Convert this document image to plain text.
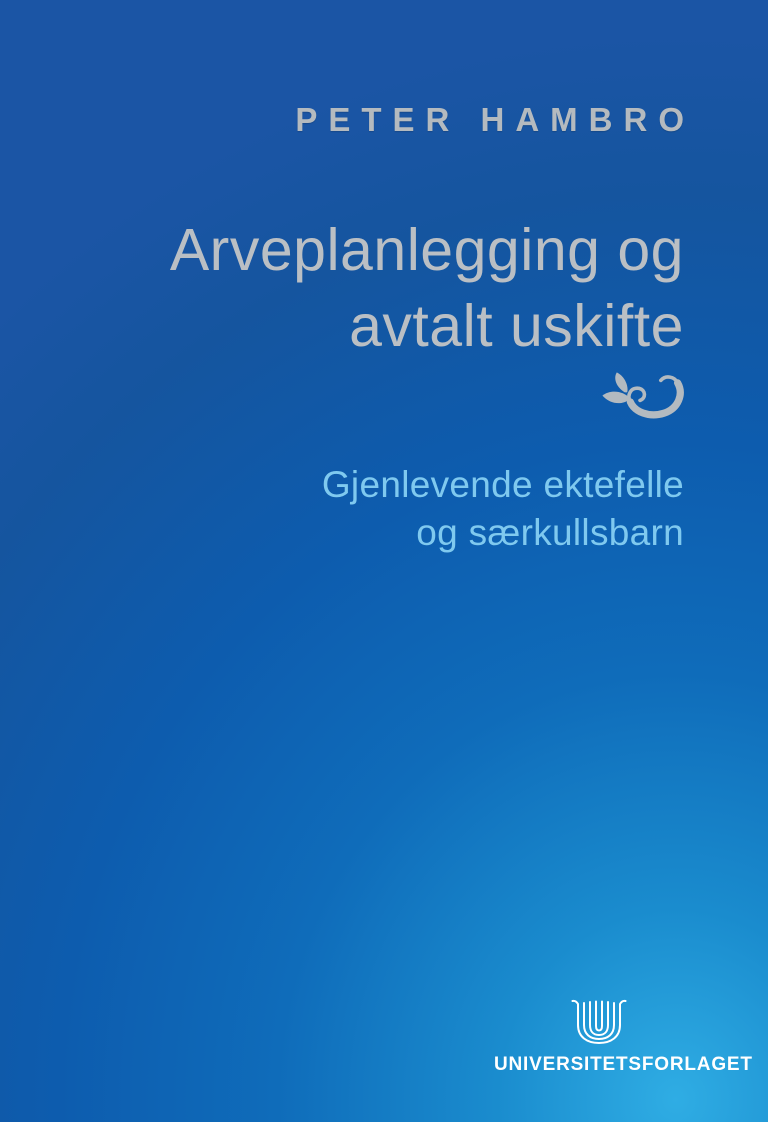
PETER HAMBRO
Arveplanlegging og
avtalt uskifte
Gjenlevende ektefelle
og særkullsbarn
UNIVERSITETSFORLAGET
